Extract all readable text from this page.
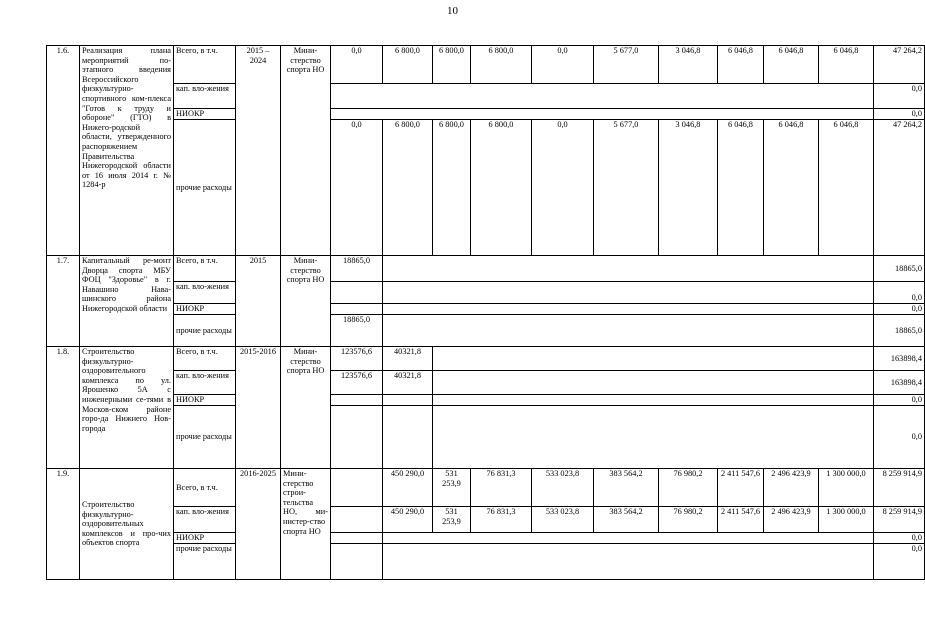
10
1.6.	Реализация плана мероприятий по-этапного введения Всероссийского физкультурно-спортивного ком-плекса "Готов к труду и обороне" (ГТО) в Нижего-родской области, утвержденного распоряжением Правительства Нижегородской области от 16 июля 2014 г. № 1284-р	Всего, в т.ч.	2015 – 2024	Мини-стерство спорта НО	0,0	6 800,0	6 800,0	6 800,0	0,0	5 677,0	3 046,8	6 046,8	6 046,8	6 046,8	47 264,2
		кап. вло-жения													0,0
		НИОКР													0,0
		прочие расходы			0,0	6 800,0	6 800,0	6 800,0	0,0	5 677,0	3 046,8	6 046,8	6 046,8	6 046,8	47 264,2
1.7.	Капитальный ре-монт Дворца спорта МБУ ФОЦ "Здоровье" в г. Навашино Нава-шинского района Нижегородской области	Всего, в т.ч.	2015	Мини-стерство спорта НО	18865,0										18865,0
		кап. вло-жения													0,0
		НИОКР													0,0
		прочие расходы			18865,0										18865,0
1.8.	Строительство физкультурно-оздоровительного комплекса по ул. Ярошенко 5А с инженерными се-тями в Москов-ском районе горо-да Нижнего Нов-города	Всего, в т.ч.	2015-2016	Мини-стерство спорта НО	123576,6	40321,8									163898,4
		кап. вло-жения			123576,6	40321,8									163898,4
		НИОКР													0,0
		прочие расходы													0,0
1.9.	Строительство физкультурно-оздоровительных комплексов и про-чих объектов спорта	Всего, в т.ч.	2016-2025	Мини-стерство строи-тельства НО, ми-нистер-ство спорта НО		450 290,0	531 253,9	76 831,3	533 023,8	383 564,2	76 980,2	2 411 547,6	2 496 423,9	1 300 000,0	8 259 914,9
		кап. вло-жения				450 290,0	531 253,9	76 831,3	533 023,8	383 564,2	76 980,2	2 411 547,6	2 496 423,9	1 300 000,0	8 259 914,9
		НИОКР													0,0
		прочие расходы													0,0
